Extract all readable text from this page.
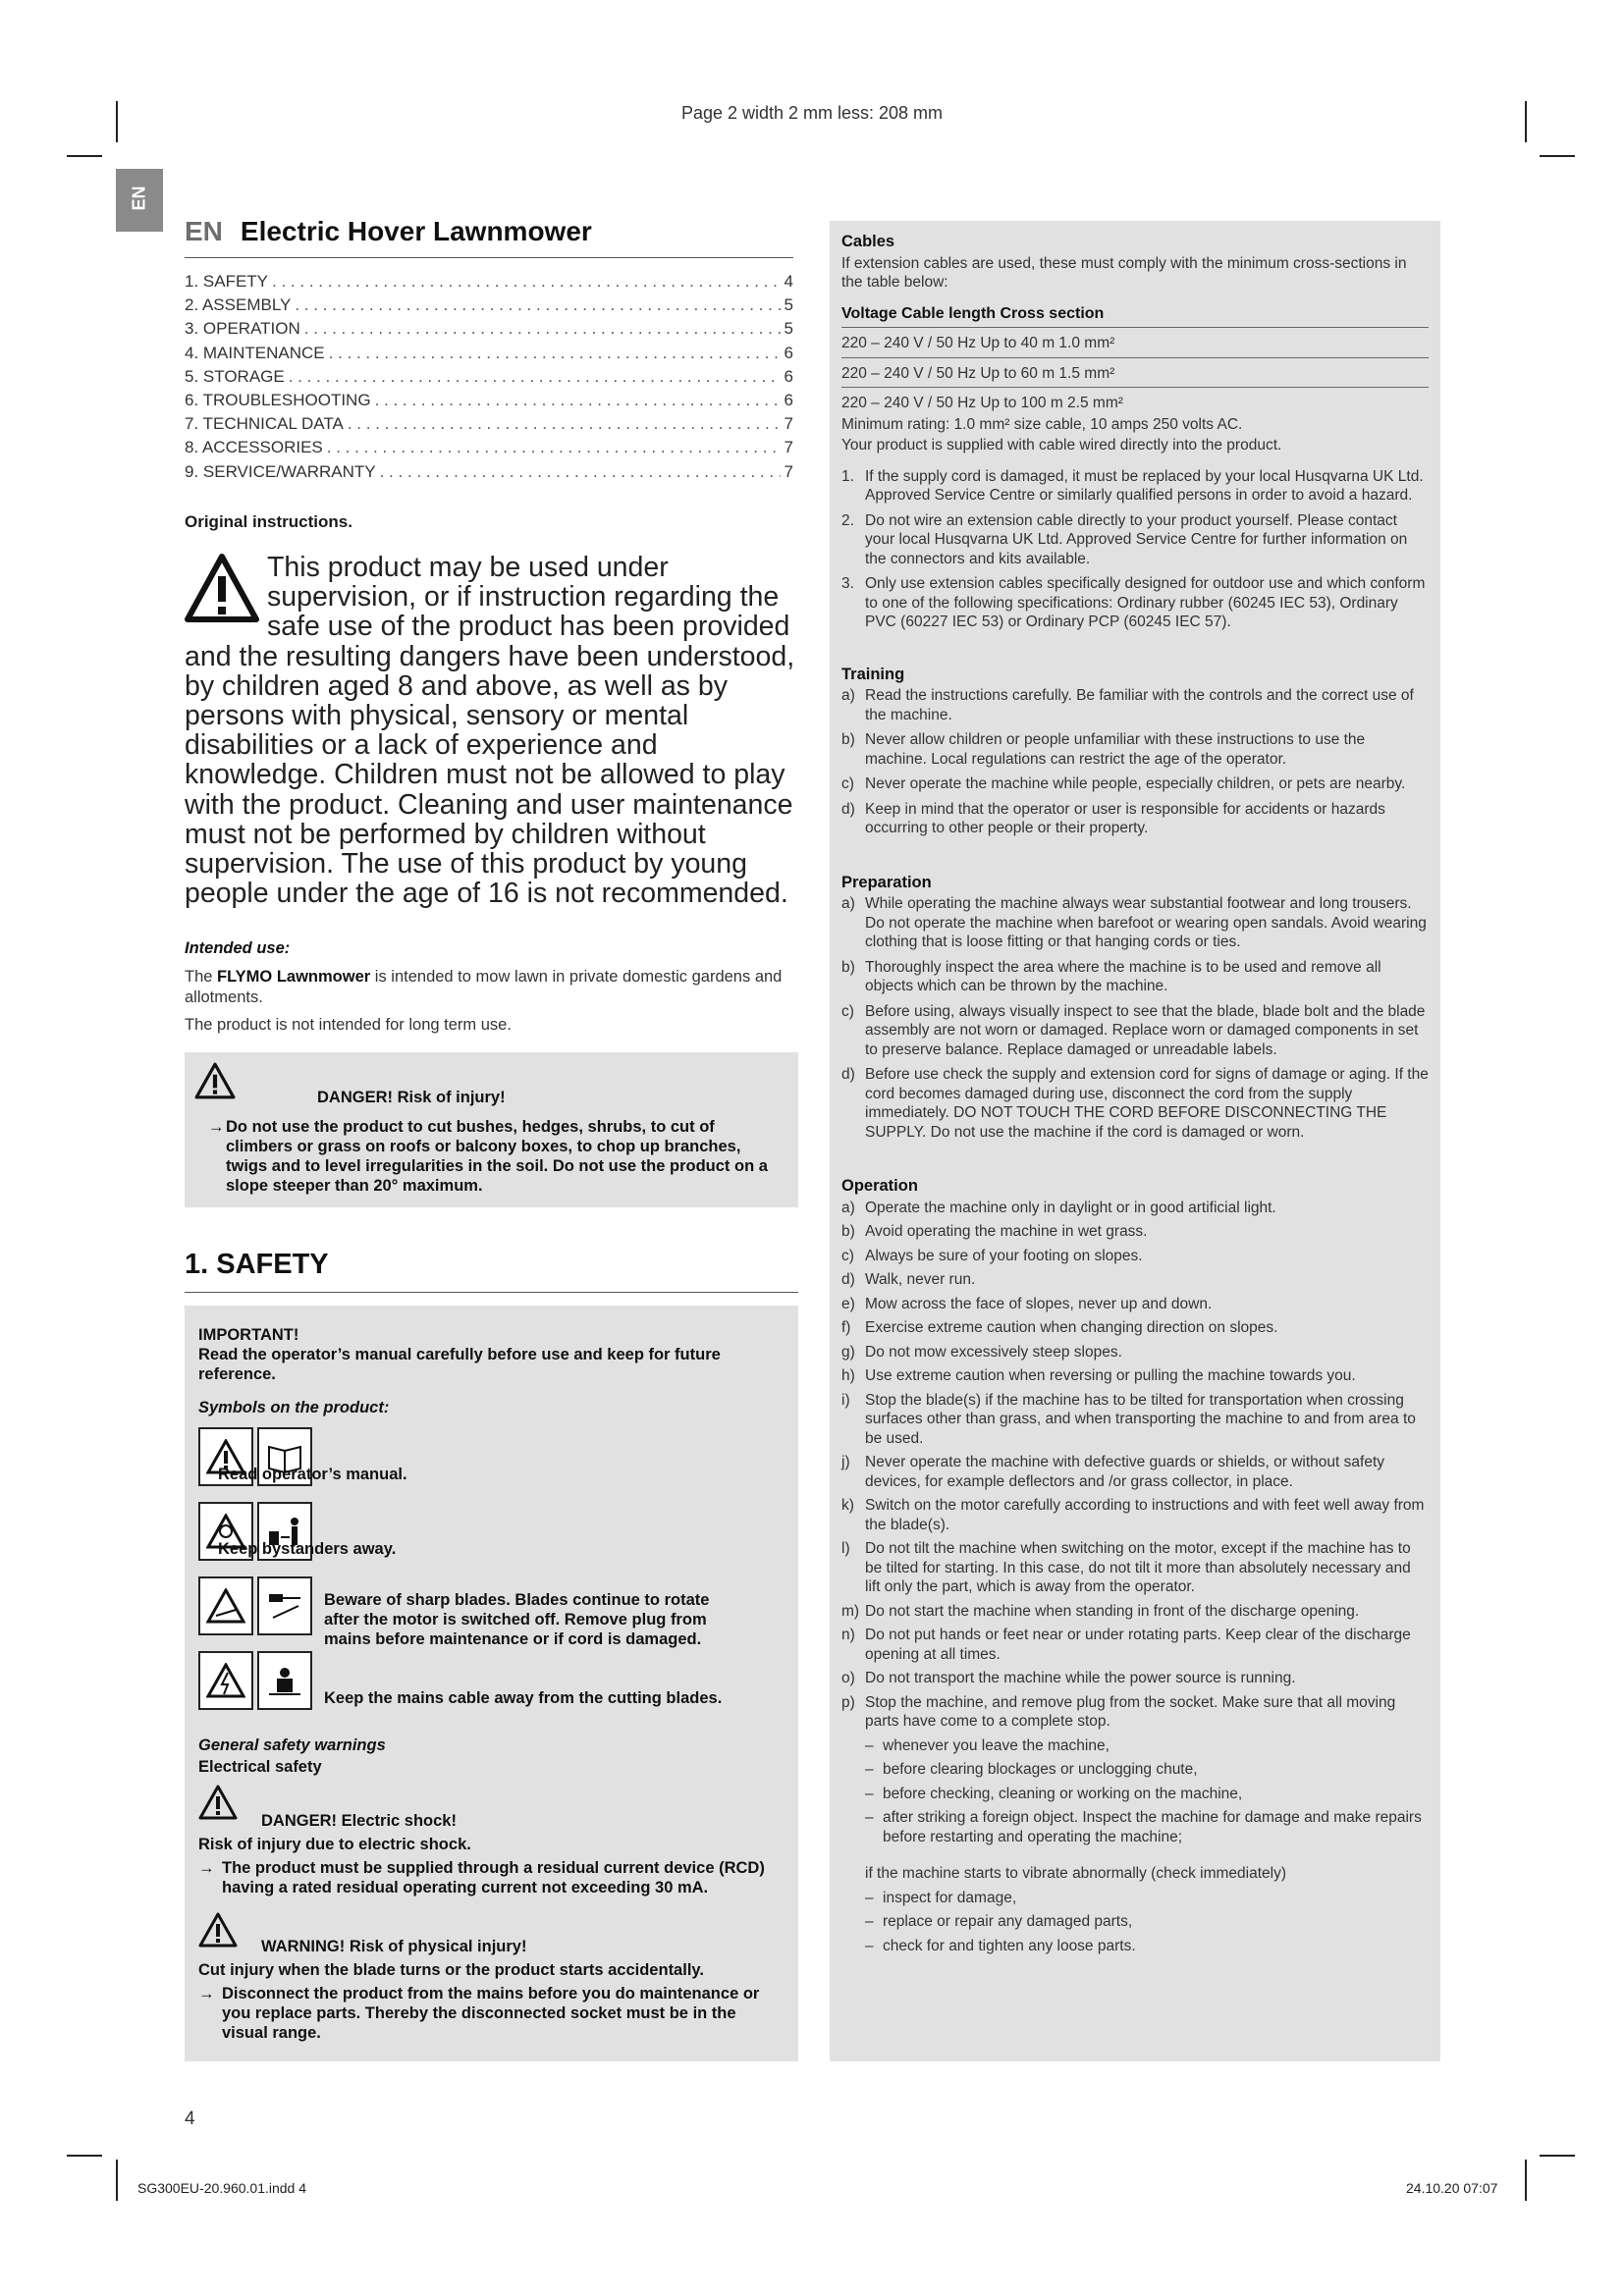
Page 2 width 2 mm less: 208 mm
EN
EN Electric Hover Lawnmower
1. SAFETY . . .	4
2. ASSEMBLY . . .	5
3. OPERATION . . .	5
4. MAINTENANCE . . .	6
5. STORAGE . . .	6
6. TROUBLESHOOTING . . .	6
7. TECHNICAL DATA . . .	7
8. ACCESSORIES . . .	7
9. SERVICE/WARRANTY . . .	7
Original instructions.
This product may be used under supervision, or if instruction regarding the safe use of the product has been provided and the resulting dangers have been understood, by children aged 8 and above, as well as by persons with physical, sensory or mental disabilities or a lack of experience and knowledge. Children must not be allowed to play with the product. Cleaning and user maintenance must not be performed by children without supervision. The use of this product by young people under the age of 16 is not recommended.
Intended use:
The FLYMO Lawnmower is intended to mow lawn in private domestic gardens and allotments.
The product is not intended for long term use.
DANGER! Risk of injury!
→ Do not use the product to cut bushes, hedges, shrubs, to cut of climbers or grass on roofs or balcony boxes, to chop up branches, twigs and to level irregularities in the soil. Do not use the product on a slope steeper than 20° maximum.
1. SAFETY
IMPORTANT!
Read the operator’s manual carefully before use and keep for future reference.
Symbols on the product:
Read operator’s manual.
Keep bystanders away.
Beware of sharp blades. Blades continue to rotate after the motor is switched off. Remove plug from mains before maintenance or if cord is damaged.
Keep the mains cable away from the cutting blades.
General safety warnings
Electrical safety
DANGER! Electric shock!
Risk of injury due to electric shock.
→ The product must be supplied through a residual current device (RCD) having a rated residual operating current not exceeding 30 mA.
WARNING! Risk of physical injury!
Cut injury when the blade turns or the product starts accidentally.
→ Disconnect the product from the mains before you do maintenance or you replace parts. Thereby the disconnected socket must be in the visual range.

Cables

If extension cables are used, these must comply with the minimum cross-sections in the table below:
Voltage Cable length Cross section
220 – 240 V / 50 Hz Up to 40 m 1.0 mm²
220 – 240 V / 50 Hz Up to 60 m 1.5 mm²
220 – 240 V / 50 Hz Up to 100 m 2.5 mm²
Minimum rating: 1.0 mm² size cable, 10 amps 250 volts AC.
Your product is supplied with cable wired directly into the product.
1. If the supply cord is damaged, it must be replaced by your local Husqvarna UK Ltd. Approved Service Centre or similarly qualified persons in order to avoid a hazard.
2. Do not wire an extension cable directly to your product yourself. Please contact your local Husqvarna UK Ltd. Approved Service Centre for further information on the connectors and kits available.
3. Only use extension cables specifically designed for outdoor use and which conform to one of the following specifications: Ordinary rubber (60245 IEC 53), Ordinary PVC (60227 IEC 53) or Ordinary PCP (60245 IEC 57).

Training

a) Read the instructions carefully. Be familiar with the controls and the correct use of the machine.
b) Never allow children or people unfamiliar with these instructions to use the machine. Local regulations can restrict the age of the operator.
c) Never operate the machine while people, especially children, or pets are nearby.
d) Keep in mind that the operator or user is responsible for accidents or hazards occurring to other people or their property.

Preparation

a) While operating the machine always wear substantial footwear and long trousers. Do not operate the machine when barefoot or wearing open sandals. Avoid wearing clothing that is loose fitting or that hanging cords or ties.
b) Thoroughly inspect the area where the machine is to be used and remove all objects which can be thrown by the machine.
c) Before using, always visually inspect to see that the blade, blade bolt and the blade assembly are not worn or damaged. Replace worn or damaged components in set to preserve balance. Replace damaged or unreadable labels.
d) Before use check the supply and extension cord for signs of damage or aging. If the cord becomes damaged during use, disconnect the cord from the supply immediately. DO NOT TOUCH THE CORD BEFORE DISCONNECTING THE SUPPLY. Do not use the machine if the cord is damaged or worn.

Operation

a) Operate the machine only in daylight or in good artificial light.
b) Avoid operating the machine in wet grass.
c) Always be sure of your footing on slopes.
d) Walk, never run.
e) Mow across the face of slopes, never up and down.
f) Exercise extreme caution when changing direction on slopes.
g) Do not mow excessively steep slopes.
h) Use extreme caution when reversing or pulling the machine towards you.
i) Stop the blade(s) if the machine has to be tilted for transportation when crossing surfaces other than grass, and when transporting the machine to and from area to be used.
j) Never operate the machine with defective guards or shields, or without safety devices, for example deflectors and /or grass collector, in place.
k) Switch on the motor carefully according to instructions and with feet well away from the blade(s).
l) Do not tilt the machine when switching on the motor, except if the machine has to be tilted for starting. In this case, do not tilt it more than absolutely necessary and lift only the part, which is away from the operator.
m) Do not start the machine when standing in front of the discharge opening.
n) Do not put hands or feet near or under rotating parts. Keep clear of the discharge opening at all times.
o) Do not transport the machine while the power source is running.
p) Stop the machine, and remove plug from the socket. Make sure that all moving parts have come to a complete stop.
– whenever you leave the machine,
– before clearing blockages or unclogging chute,
– before checking, cleaning or working on the machine,
– after striking a foreign object. Inspect the machine for damage and make repairs before restarting and operating the machine;
if the machine starts to vibrate abnormally (check immediately)
– inspect for damage,
– replace or repair any damaged parts,
– check for and tighten any loose parts.
4
SG300EU-20.960.01.indd 4	24.10.20 07:07
